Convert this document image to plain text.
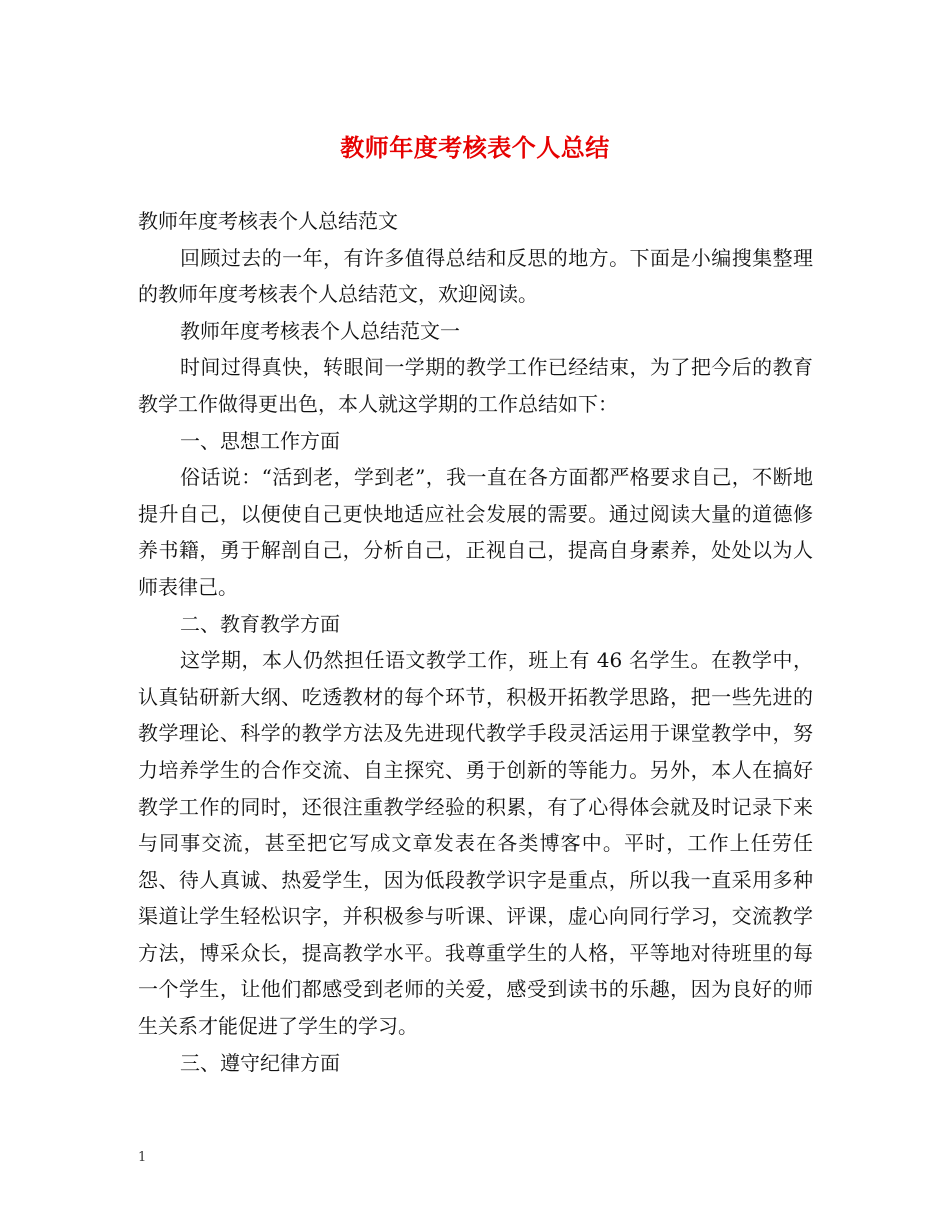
教师年度考核表个人总结

教师年度考核表个人总结范文

回顾过去的一年，有许多值得总结和反思的地方。下面是小编搜集整理的教师年度考核表个人总结范文，欢迎阅读。

教师年度考核表个人总结范文一

时间过得真快，转眼间一学期的教学工作已经结束，为了把今后的教育教学工作做得更出色，本人就这学期的工作总结如下：

一、思想工作方面

俗话说：“活到老，学到老”，我一直在各方面都严格要求自己，不断地提升自己，以便使自己更快地适应社会发展的需要。通过阅读大量的道德修养书籍，勇于解剖自己，分析自己，正视自己，提高自身素养，处处以为人师表律己。

二、教育教学方面

这学期，本人仍然担任语文教学工作，班上有 46 名学生。在教学中，认真钻研新大纲、吃透教材的每个环节，积极开拓教学思路，把一些先进的教学理论、科学的教学方法及先进现代教学手段灵活运用于课堂教学中，努力培养学生的合作交流、自主探究、勇于创新的等能力。另外，本人在搞好教学工作的同时，还很注重教学经验的积累，有了心得体会就及时记录下来与同事交流，甚至把它写成文章发表在各类博客中。平时，工作上任劳任怨、待人真诚、热爱学生，因为低段教学识字是重点，所以我一直采用多种渠道让学生轻松识字，并积极参与听课、评课，虚心向同行学习，交流教学方法，博采众长，提高教学水平。我尊重学生的人格，平等地对待班里的每一个学生，让他们都感受到老师的关爱，感受到读书的乐趣，因为良好的师生关系才能促进了学生的学习。

三、遵守纪律方面

1
